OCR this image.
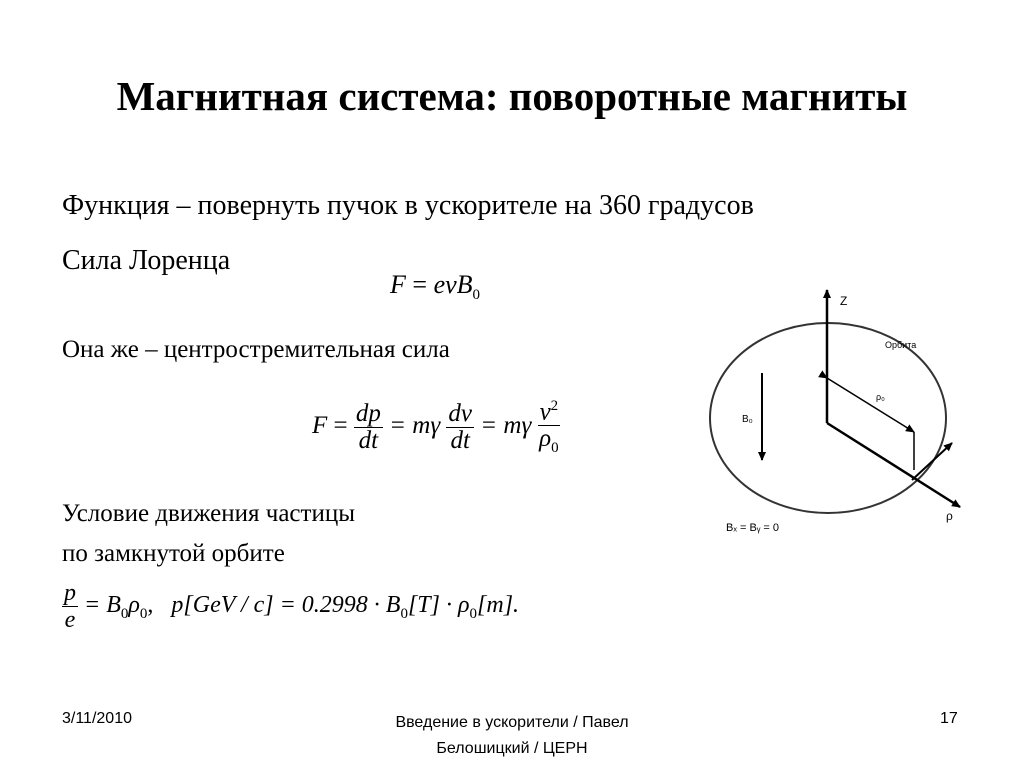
Магнитная система: поворотные магниты
Функция – повернуть пучок в ускорителе на 360 градусов
Сила Лоренца
F = evB$_0$
Она же – центростремительная сила
$F = \frac{dp}{dt} = m\gamma \frac{dv}{dt} = m\gamma \frac{v^2}{\rho_0}$
Условие движения частицы
по замкнутой орбите
$\frac{p}{e} = B_0\rho_0$, $p[GeV / c] = 0.2998 \cdot B_0[T] \cdot \rho_0[m]$.
Z
Орбита
ρ₀
B₀
ρ
Bₓ = Bᵧ = 0
3/11/2010	Введение в ускорители / Павел
Белошицкий / ЦЕРН
17
